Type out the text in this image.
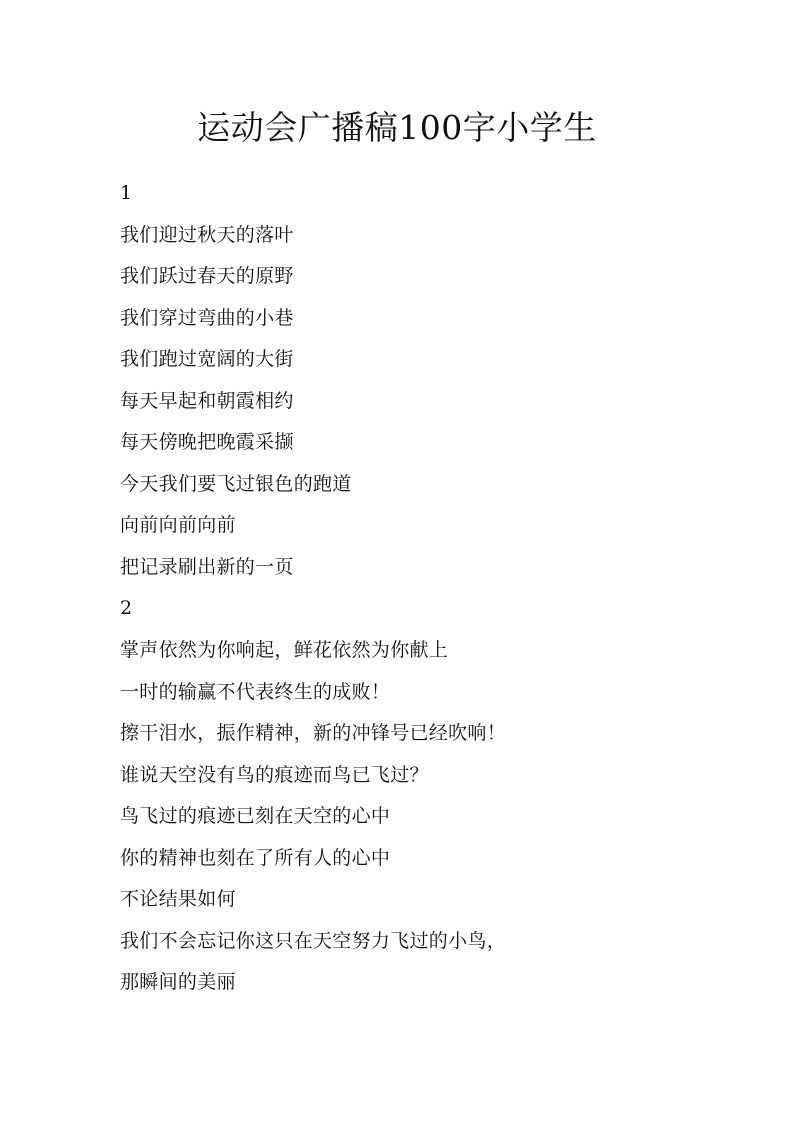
运动会广播稿100字小学生
1
我们迎过秋天的落叶
我们跃过春天的原野
我们穿过弯曲的小巷
我们跑过宽阔的大街
每天早起和朝霞相约
每天傍晚把晚霞采撷
今天我们要飞过银色的跑道
向前向前向前
把记录刷出新的一页
2
掌声依然为你响起，鲜花依然为你献上
一时的输赢不代表终生的成败！
擦干泪水，振作精神，新的冲锋号已经吹响！
谁说天空没有鸟的痕迹而鸟已飞过？
鸟飞过的痕迹已刻在天空的心中
你的精神也刻在了所有人的心中
不论结果如何
我们不会忘记你这只在天空努力飞过的小鸟，
那瞬间的美丽
